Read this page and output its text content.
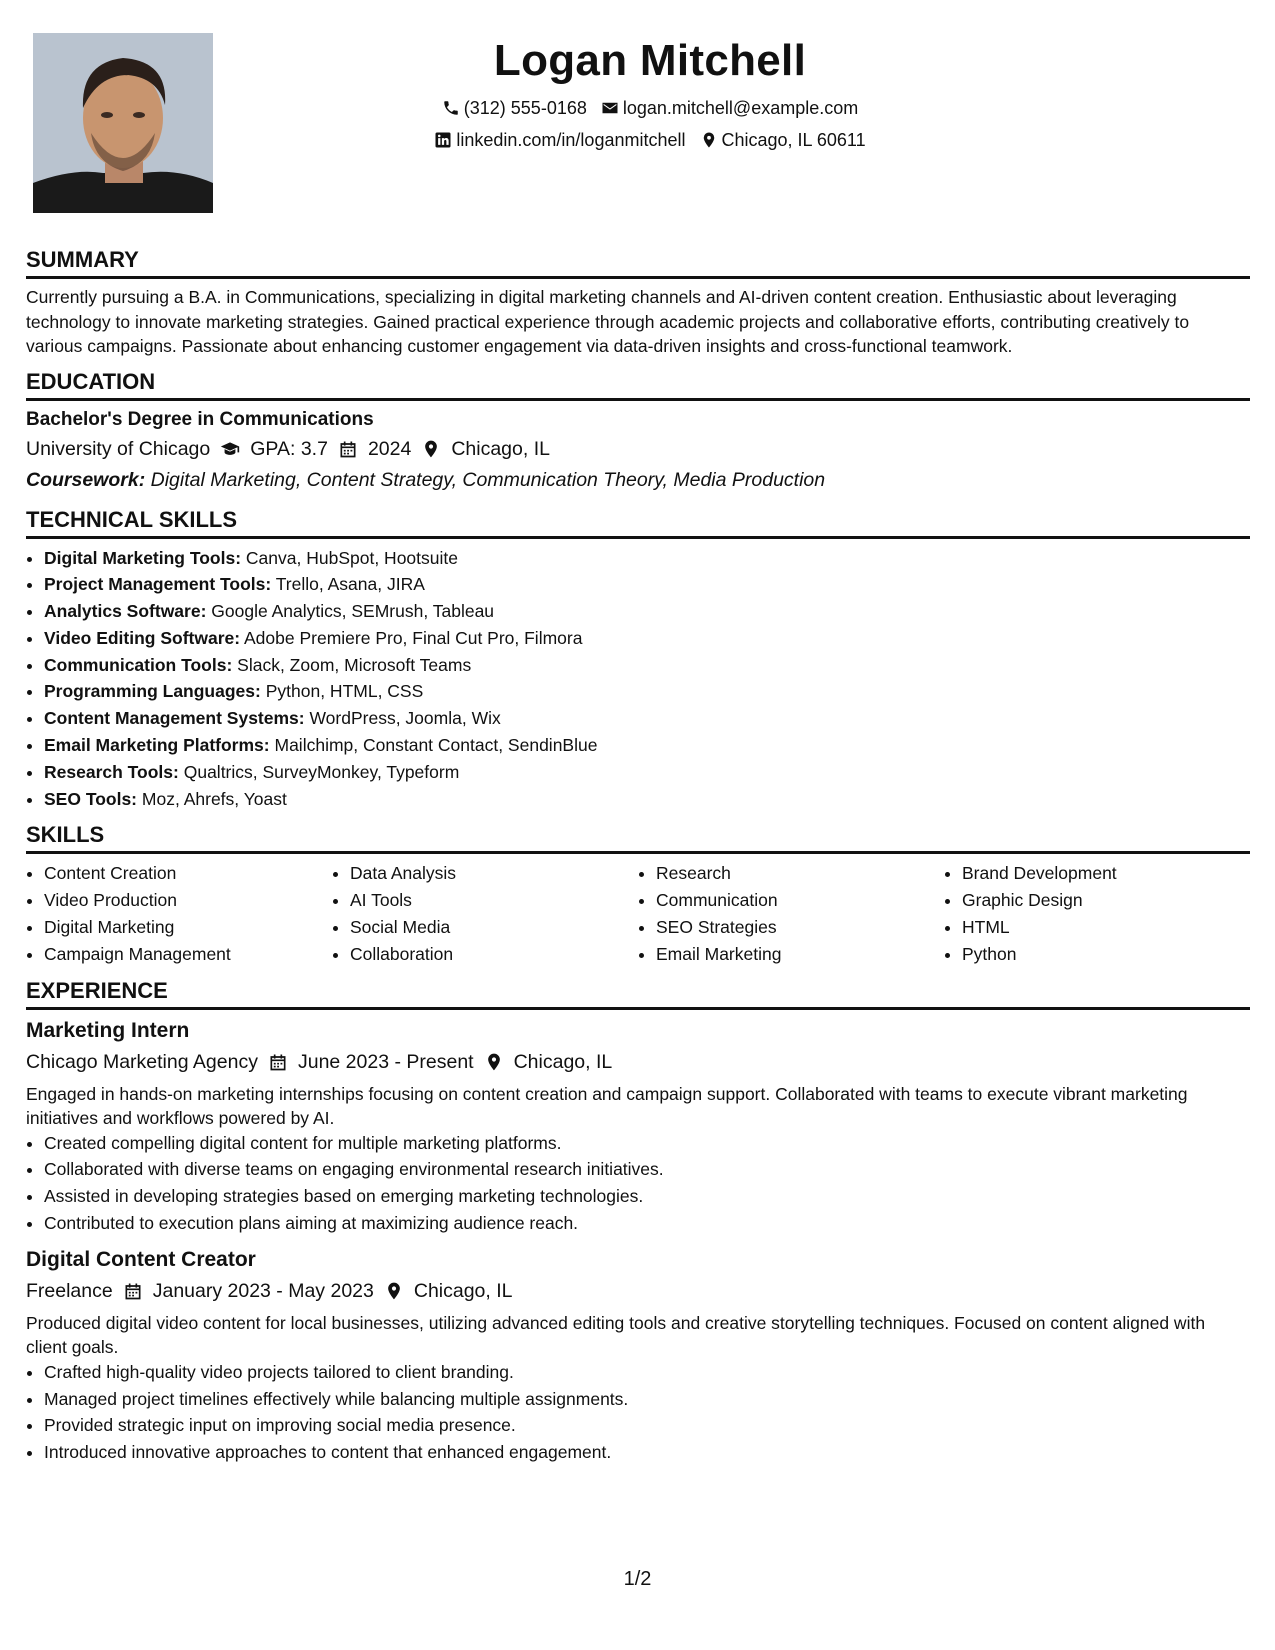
Logan Mitchell
(312) 555-0168 logan.mitchell@example.com
linkedin.com/in/loganmitchell Chicago, IL 60611
SUMMARY

Currently pursuing a B.A. in Communications, specializing in digital marketing channels and AI-driven content creation. Enthusiastic about leveraging technology to innovate marketing strategies. Gained practical experience through academic projects and collaborative efforts, contributing creatively to various campaigns. Passionate about enhancing customer engagement via data-driven insights and cross-functional teamwork.

EDUCATION
Bachelor's Degree in Communications
University of Chicago GPA: 3.7 2024 Chicago, IL
Coursework: Digital Marketing, Content Strategy, Communication Theory, Media Production
TECHNICAL SKILLS
• Digital Marketing Tools: Canva, HubSpot, Hootsuite
• Project Management Tools: Trello, Asana, JIRA
• Analytics Software: Google Analytics, SEMrush, Tableau
• Video Editing Software: Adobe Premiere Pro, Final Cut Pro, Filmora
• Communication Tools: Slack, Zoom, Microsoft Teams
• Programming Languages: Python, HTML, CSS
• Content Management Systems: WordPress, Joomla, Wix
• Email Marketing Platforms: Mailchimp, Constant Contact, SendinBlue
• Research Tools: Qualtrics, SurveyMonkey, Typeform
• SEO Tools: Moz, Ahrefs, Yoast
SKILLS
• Content Creation
• Video Production
• Digital Marketing
• Campaign Management
• Data Analysis
• AI Tools
• Social Media
• Collaboration
• Research
• Communication
• SEO Strategies
• Email Marketing
• Brand Development
• Graphic Design
• HTML
• Python
EXPERIENCE
Marketing Intern
Chicago Marketing Agency June 2023 - Present Chicago, IL

Engaged in hands-on marketing internships focusing on content creation and campaign support. Collaborated with teams to execute vibrant marketing initiatives and workflows powered by AI.

• Created compelling digital content for multiple marketing platforms.
• Collaborated with diverse teams on engaging environmental research initiatives.
• Assisted in developing strategies based on emerging marketing technologies.
• Contributed to execution plans aiming at maximizing audience reach.
Digital Content Creator
Freelance January 2023 - May 2023 Chicago, IL

Produced digital video content for local businesses, utilizing advanced editing tools and creative storytelling techniques. Focused on content aligned with client goals.

• Crafted high-quality video projects tailored to client branding.
• Managed project timelines effectively while balancing multiple assignments.
• Provided strategic input on improving social media presence.
• Introduced innovative approaches to content that enhanced engagement.
1/2
